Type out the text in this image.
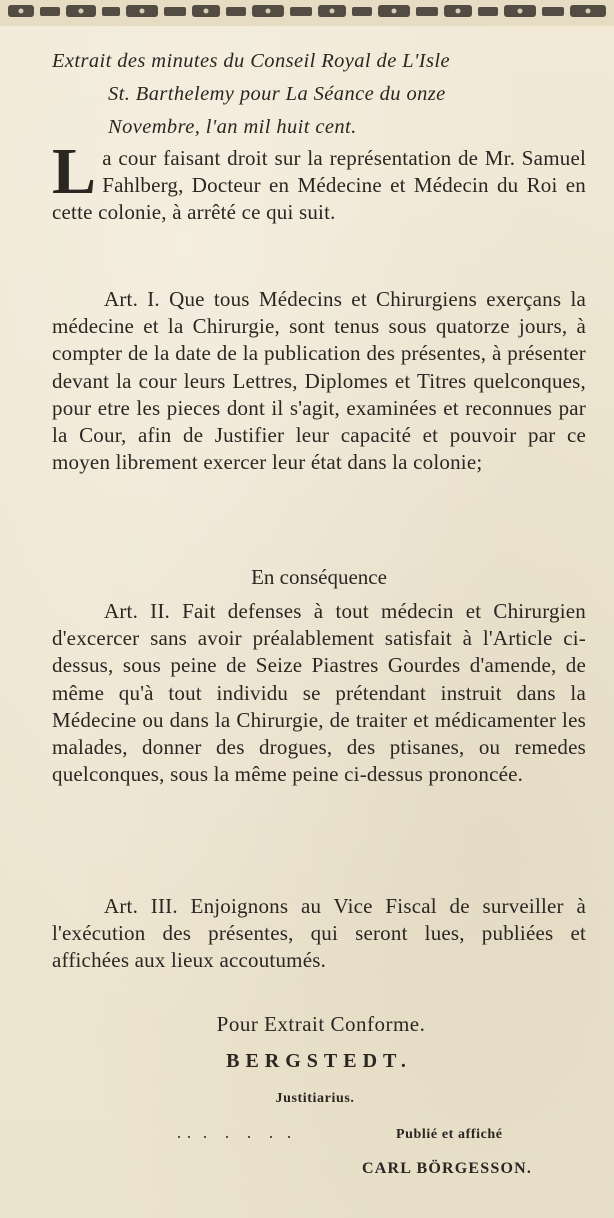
Extrait des minutes du Conseil Royal de L'Isle
St. Barthelemy pour La Séance du onze
Novembre, l'an mil huit cent.
La cour faisant droit sur la représentation de Mr. Samuel Fahlberg, Docteur en Médecine et Médecin du Roi en cette colonie, à arrêté ce qui suit.

Art. I. Que tous Médecins et Chirurgiens exerçans la médecine et la Chirurgie, sont tenus sous quatorze jours, à compter de la date de la publication des présentes, à présenter devant la cour leurs Lettres, Diplomes et Titres quelconques, pour etre les pieces dont il s'agit, examinées et reconnues par la Cour, afin de Justifier leur capacité et pouvoir par ce moyen librement exercer leur état dans la colonie;

En conséquence

Art. II. Fait defenses à tout médecin et Chirurgien d'excercer sans avoir préalablement satisfait à l'Article ci-dessus, sous peine de Seize Piastres Gourdes d'amende, de même qu'à tout individu se prétendant instruit dans la Médecine ou dans la Chirurgie, de traiter et médicamenter les malades, donner des drogues, des ptisanes, ou remedes quelconques, sous la même peine ci-dessus prononcée.

Art. III. Enjoignons au Vice Fiscal de surveiller à l'exécution des présentes, qui seront lues, publiées et affichées aux lieux accoutumés.

Pour Extrait Conforme.
BERGSTEDT.
Justitiarius.
Publié et affiché
CARL BÖRGESSON.
